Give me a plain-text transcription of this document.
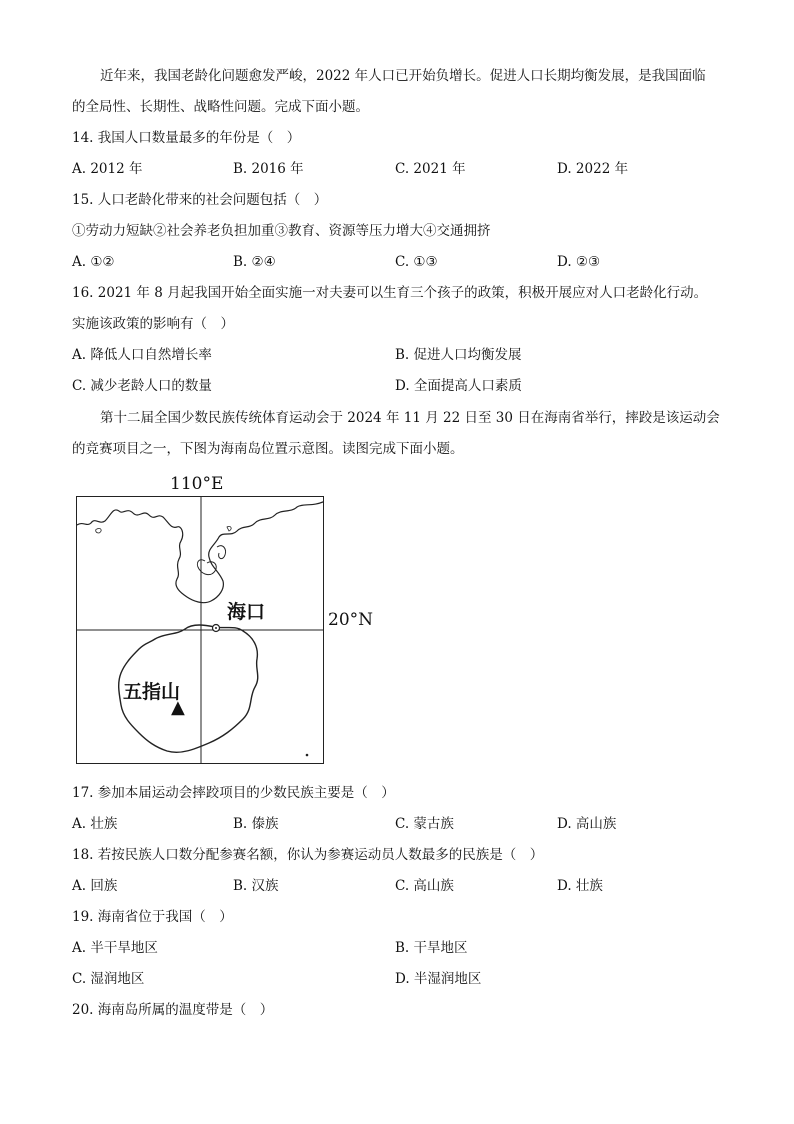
近年来，我国老龄化问题愈发严峻，2022 年人口已开始负增长。促进人口长期均衡发展，是我国面临
的全局性、长期性、战略性问题。完成下面小题。
14. 我国人口数量最多的年份是（　）
A. 2012 年	B. 2016 年	C. 2021 年	D. 2022 年
15. 人口老龄化带来的社会问题包括（　）
①劳动力短缺②社会养老负担加重③教育、资源等压力增大④交通拥挤
A. ①②	B. ②④	C. ①③	D. ②③
16. 2021 年 8 月起我国开始全面实施一对夫妻可以生育三个孩子的政策，积极开展应对人口老龄化行动。
实施该政策的影响有（　）
A. 降低人口自然增长率	B. 促进人口均衡发展
C. 减少老龄人口的数量	D. 全面提高人口素质
第十二届全国少数民族传统体育运动会于 2024 年 11 月 22 日至 30 日在海南省举行，摔跤是该运动会
的竞赛项目之一，下图为海南岛位置示意图。读图完成下面小题。
110°E
20°N
海口
五指山
▲
17. 参加本届运动会摔跤项目的少数民族主要是（　）
A. 壮族	B. 傣族	C. 蒙古族	D. 高山族
18. 若按民族人口数分配参赛名额，你认为参赛运动员人数最多的民族是（　）
A. 回族	B. 汉族	C. 高山族	D. 壮族
19. 海南省位于我国（　）
A. 半干旱地区	B. 干旱地区
C. 湿润地区	D. 半湿润地区
20. 海南岛所属的温度带是（　）
